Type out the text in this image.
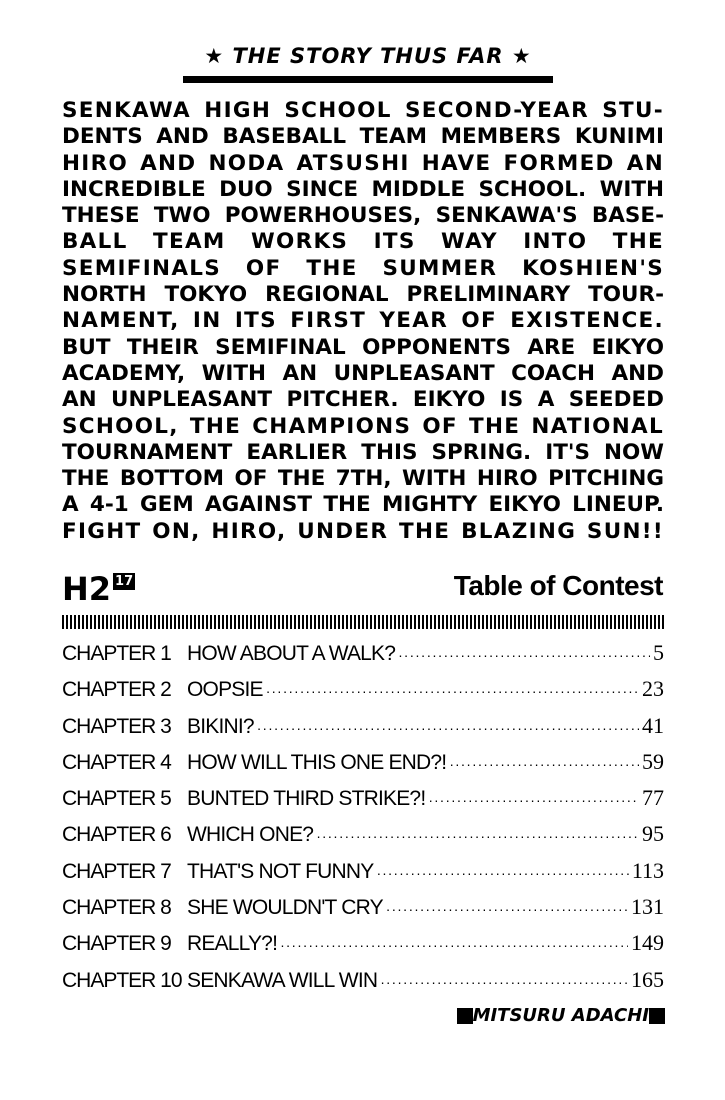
★ THE STORY THUS FAR ★
SENKAWA HIGH SCHOOL SECOND-YEAR STU-
DENTS AND BASEBALL TEAM MEMBERS KUNIMI
HIRO AND NODA ATSUSHI HAVE FORMED AN
INCREDIBLE DUO SINCE MIDDLE SCHOOL. WITH
THESE TWO POWERHOUSES, SENKAWA'S BASE-
BALL TEAM WORKS ITS WAY INTO THE
SEMIFINALS OF THE SUMMER KOSHIEN'S
NORTH TOKYO REGIONAL PRELIMINARY TOUR-
NAMENT, IN ITS FIRST YEAR OF EXISTENCE.
BUT THEIR SEMIFINAL OPPONENTS ARE EIKYO
ACADEMY, WITH AN UNPLEASANT COACH AND
AN UNPLEASANT PITCHER. EIKYO IS A SEEDED
SCHOOL, THE CHAMPIONS OF THE NATIONAL
TOURNAMENT EARLIER THIS SPRING. IT'S NOW
THE BOTTOM OF THE 7TH, WITH HIRO PITCHING
A 4-1 GEM AGAINST THE MIGHTY EIKYO LINEUP.
FIGHT ON, HIRO, UNDER THE BLAZING SUN!!
H2 17	Table of Contest
CHAPTER 1 HOW ABOUT A WALK? ·····	5
CHAPTER 2 OOPSIE ·····	23
CHAPTER 3 BIKINI? ·····	41
CHAPTER 4 HOW WILL THIS ONE END?! ·····	59
CHAPTER 5 BUNTED THIRD STRIKE?! ·····	77
CHAPTER 6 WHICH ONE? ·····	95
CHAPTER 7 THAT'S NOT FUNNY ·····	113
CHAPTER 8 SHE WOULDN'T CRY ·····	131
CHAPTER 9 REALLY?! ·····	149
CHAPTER 10 SENKAWA WILL WIN ·····	165
MITSURU ADACHI
